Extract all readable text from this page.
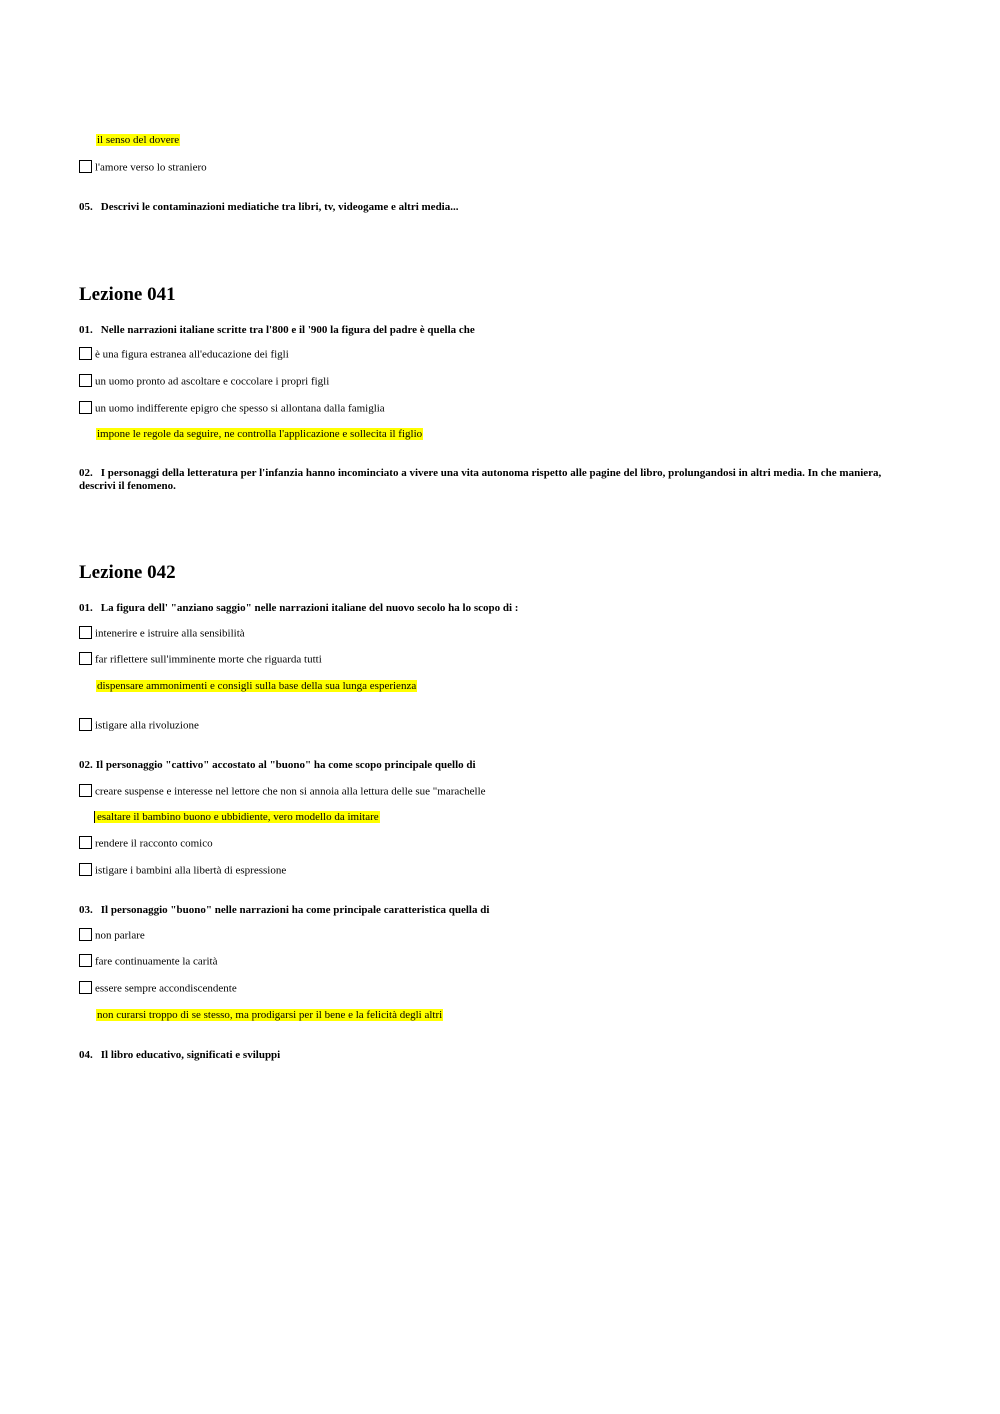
il senso del dovere
l'amore verso lo straniero
05. Descrivi le contaminazioni mediatiche tra libri, tv, videogame e altri media...
Lezione 041
01. Nelle narrazioni italiane scritte tra l'800 e il '900 la figura del padre è quella che
è una figura estranea all'educazione dei figli
un uomo pronto ad ascoltare e coccolare i propri figli
un uomo indifferente epigro che spesso si allontana dalla famiglia
impone le regole da seguire, ne controlla l'applicazione e sollecita il figlio
02. I personaggi della letteratura per l'infanzia hanno incominciato a vivere una vita autonoma rispetto alle pagine del libro, prolungandosi in altri media. In che maniera, descrivi il fenomeno.
Lezione 042
01. La figura dell' "anziano saggio" nelle narrazioni italiane del nuovo secolo ha lo scopo di :
intenerire e istruire alla sensibilità
far riflettere sull'imminente morte che riguarda tutti
dispensare ammonimenti e consigli sulla base della sua lunga esperienza
istigare alla rivoluzione
02. Il personaggio "cattivo" accostato al "buono" ha come scopo principale quello di
creare suspense e interesse nel lettore che non si annoia alla lettura delle sue "marachelle
esaltare il bambino buono e ubbidiente, vero modello da imitare
rendere il racconto comico
istigare i bambini alla libertà di espressione
03. Il personaggio "buono" nelle narrazioni ha come principale caratteristica quella di
non parlare
fare continuamente la carità
essere sempre accondiscendente
non curarsi troppo di se stesso, ma prodigarsi per il bene e la felicità degli altri
04. Il libro educativo, significati e sviluppi
